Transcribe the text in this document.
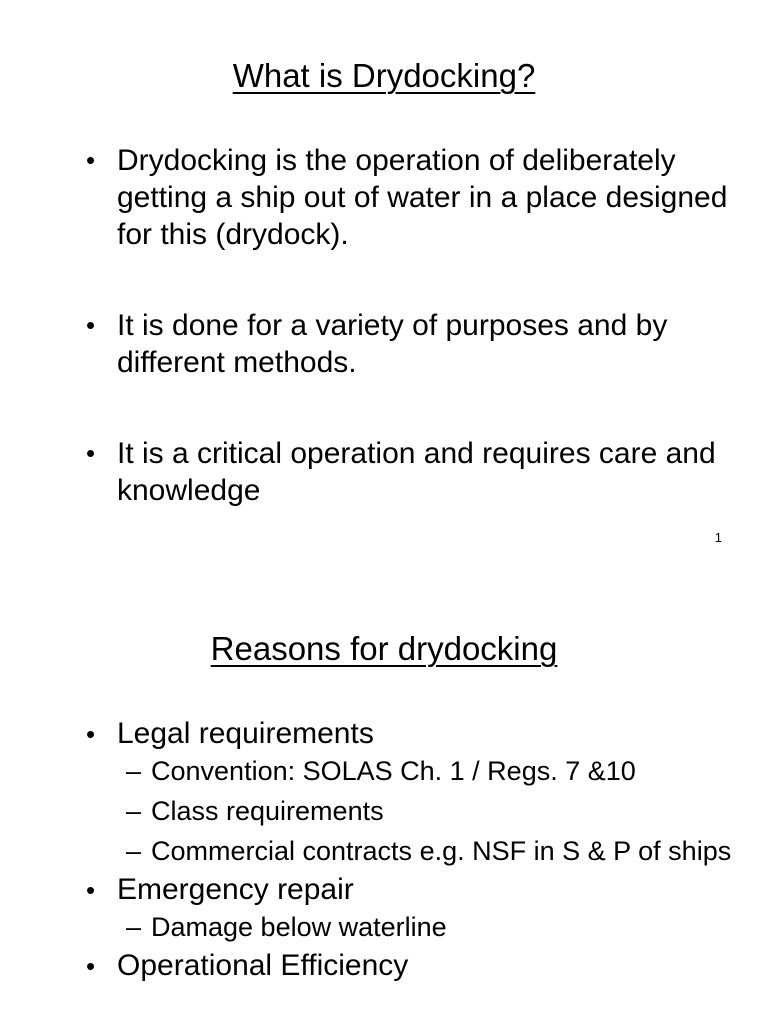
What is Drydocking?
• Drydocking is the operation of deliberately getting a ship out of water in a place designed for this (drydock).
• It is done for a variety of purposes and by different methods.
• It is a critical operation and requires care and knowledge
1
Reasons for drydocking
• Legal requirements
– Convention: SOLAS Ch. 1 / Regs. 7 &10
– Class requirements
– Commercial contracts e.g. NSF in S & P of ships
• Emergency repair
– Damage below waterline
• Operational Efficiency
